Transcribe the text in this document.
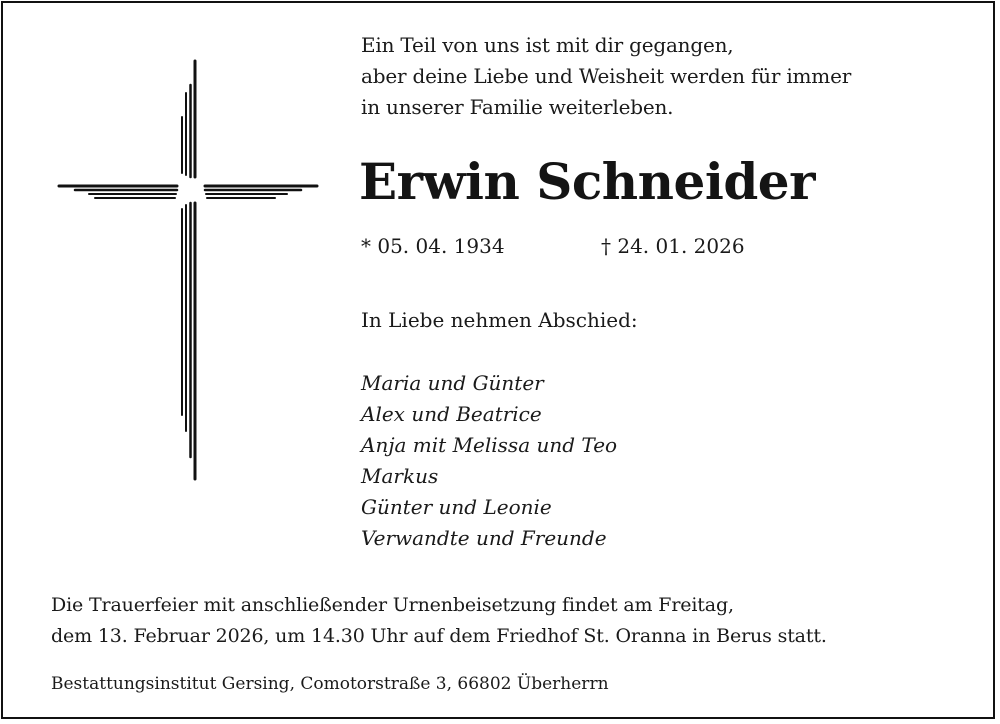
Ein Teil von uns ist mit dir gegangen,
aber deine Liebe und Weisheit werden für immer
in unserer Familie weiterleben.
Erwin Schneider
* 05. 04. 1934	† 24. 01. 2026
In Liebe nehmen Abschied:
Maria und Günter
Alex und Beatrice
Anja mit Melissa und Teo
Markus
Günter und Leonie
Verwandte und Freunde
Die Trauerfeier mit anschließender Urnenbeisetzung findet am Freitag,
dem 13. Februar 2026, um 14.30 Uhr auf dem Friedhof St. Oranna in Berus statt.
Bestattungsinstitut Gersing, Comotorstraße 3, 66802 Überherrn
